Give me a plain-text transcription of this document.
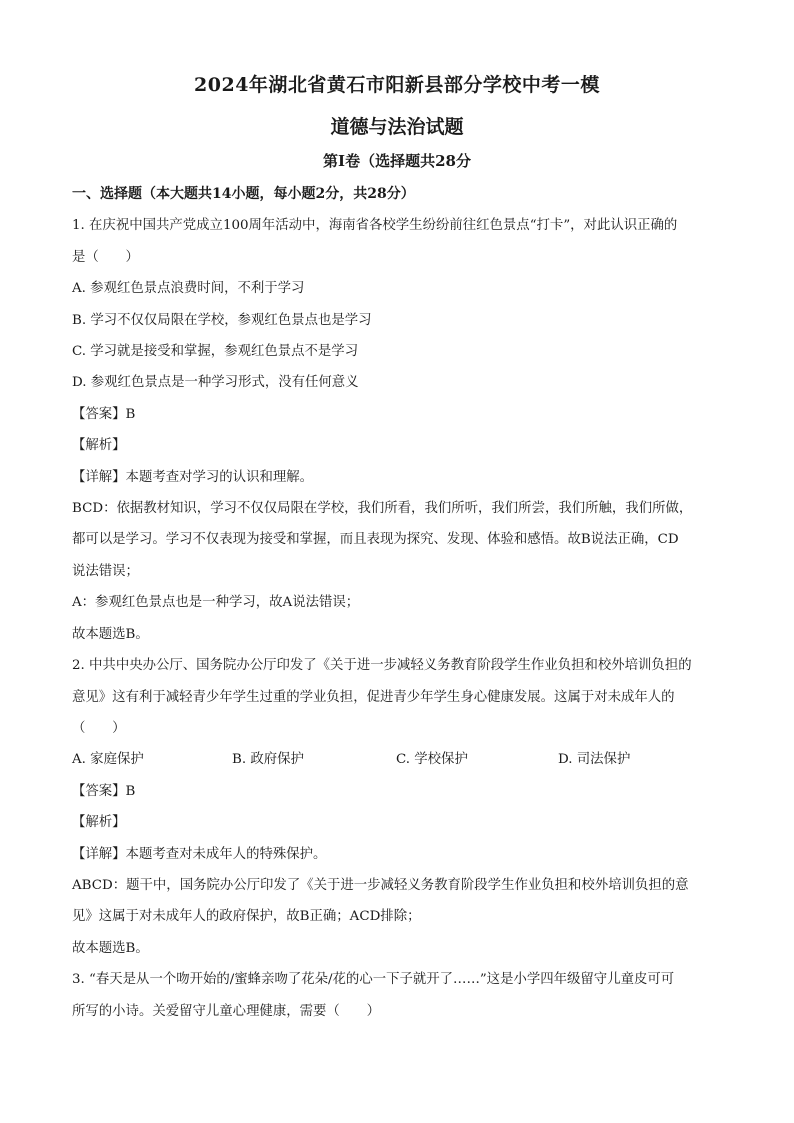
2024年湖北省黄石市阳新县部分学校中考一模
道德与法治试题
第Ⅰ卷（选择题共28分
一、选择题（本大题共14小题，每小题2分，共28分）
1. 在庆祝中国共产党成立100周年活动中，海南省各校学生纷纷前往红色景点“打卡”，对此认识正确的
是（　　）
A. 参观红色景点浪费时间，不利于学习
B. 学习不仅仅局限在学校，参观红色景点也是学习
C. 学习就是接受和掌握，参观红色景点不是学习
D. 参观红色景点是一种学习形式，没有任何意义
【答案】B
【解析】
【详解】本题考查对学习的认识和理解。
BCD：依据教材知识，学习不仅仅局限在学校，我们所看，我们所听，我们所尝，我们所触，我们所做，
都可以是学习。学习不仅表现为接受和掌握，而且表现为探究、发现、体验和感悟。故B说法正确，CD
说法错误；
A：参观红色景点也是一种学习，故A说法错误；
故本题选B。
2. 中共中央办公厅、国务院办公厅印发了《关于进一步减轻义务教育阶段学生作业负担和校外培训负担的
意见》这有利于减轻青少年学生过重的学业负担，促进青少年学生身心健康发展。这属于对未成年人的
（　　）
A. 家庭保护	B. 政府保护	C. 学校保护	D. 司法保护
【答案】B
【解析】
【详解】本题考查对未成年人的特殊保护。
ABCD：题干中，国务院办公厅印发了《关于进一步减轻义务教育阶段学生作业负担和校外培训负担的意
见》这属于对未成年人的政府保护，故B正确；ACD排除；
故本题选B。
3. “春天是从一个吻开始的/蜜蜂亲吻了花朵/花的心一下子就开了……”这是小学四年级留守儿童皮可可
所写的小诗。关爱留守儿童心理健康，需要（　　）
